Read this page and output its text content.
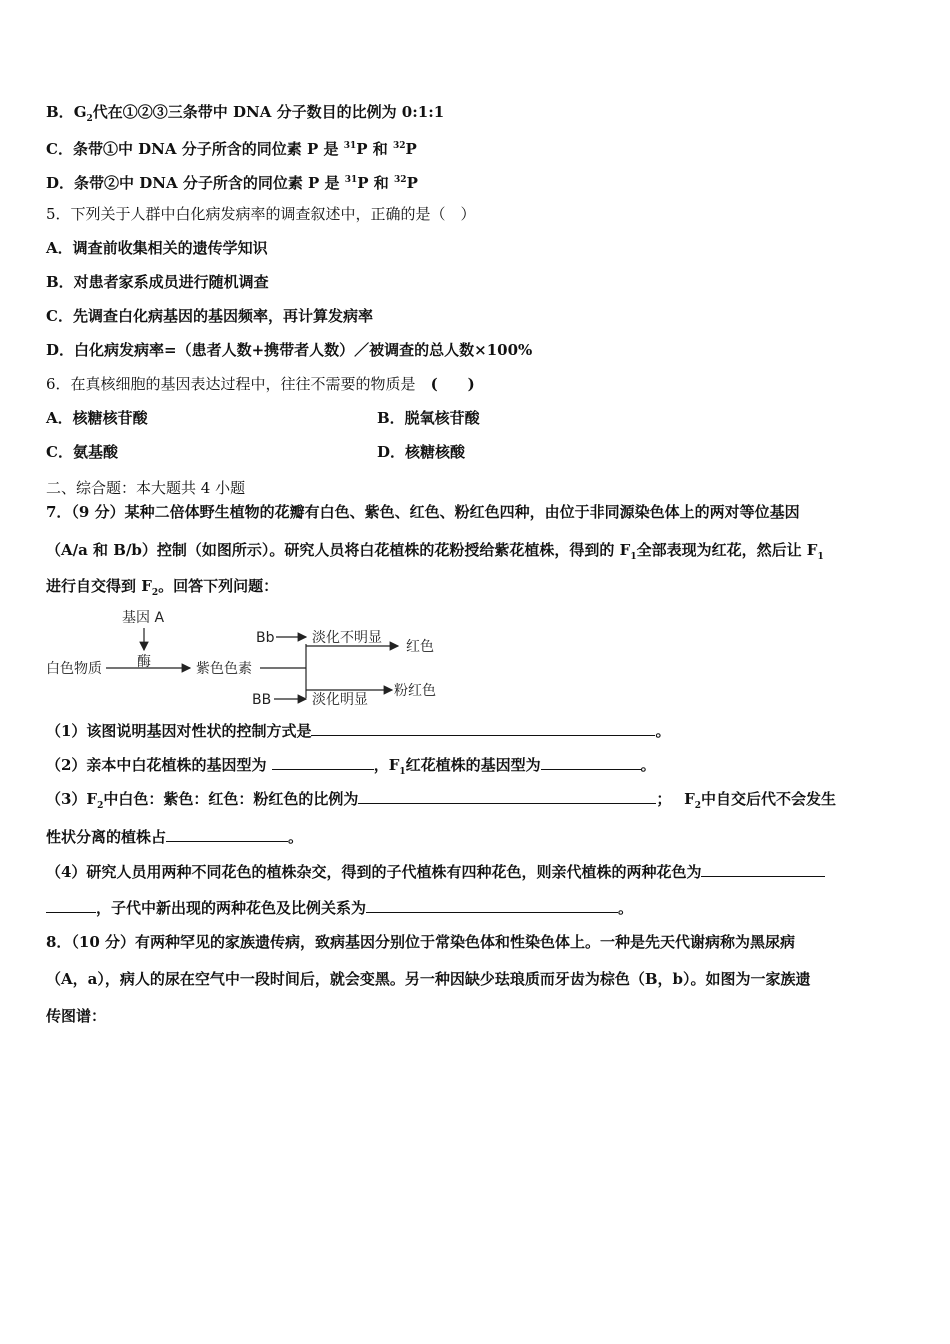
B．$G_2$代在①②③三条带中 DNA 分子数目的比例为 0:1:1
C．条带①中 DNA 分子所含的同位素 P 是 $^{31}$P 和 $^{32}$P
D．条带②中 DNA 分子所含的同位素 P 是 $^{31}$P 和 $^{32}$P
5．下列关于人群中白化病发病率的调查叙述中，正确的是（　）
A．调查前收集相关的遗传学知识
B．对患者家系成员进行随机调查
C．先调查白化病基因的基因频率，再计算发病率
D．白化病发病率=（患者人数+携带者人数）／被调查的总人数×100%
6．在真核细胞的基因表达过程中，往往不需要的物质是　 (　　)
A．核糖核苷酸	B．脱氧核苷酸
C．氨基酸	D．核糖核酸
二、综合题：本大题共 4 小题
7．（9 分）某种二倍体野生植物的花瓣有白色、紫色、红色、粉红色四种，由位于非同源染色体上的两对等位基因
（A/a 和 B/b）控制（如图所示）。研究人员将白花植株的花粉授给紫花植株，得到的 $F_1$全部表现为红花，然后让 $F_1$
进行自交得到 $F_2$。回答下列问题：
基因 A
酶
白色物质	紫色色素
Bb	淡化不明显
红色
BB	淡化明显
粉红色
（1）该图说明基因对性状的控制方式是	。
（2）亲本中白花植株的基因型为	，$F_1$红花植株的基因型为	。
$(3)F_2$中白色：紫色：红色：粉红色的比例为	；　 $F_2$中自交后代不会发生
性状分离的植株占	。
（4）研究人员用两种不同花色的植株杂交，得到的子代植株有四种花色，则亲代植株的两种花色为
，子代中新出现的两种花色及比例关系为	。
8．（10 分）有两种罕见的家族遗传病，致病基因分别位于常染色体和性染色体上。一种是先天代谢病称为黑尿病
（A，a），病人的尿在空气中一段时间后，就会变黑。另一种因缺少珐琅质而牙齿为棕色（B，b）。如图为一家族遗
传图谱：
